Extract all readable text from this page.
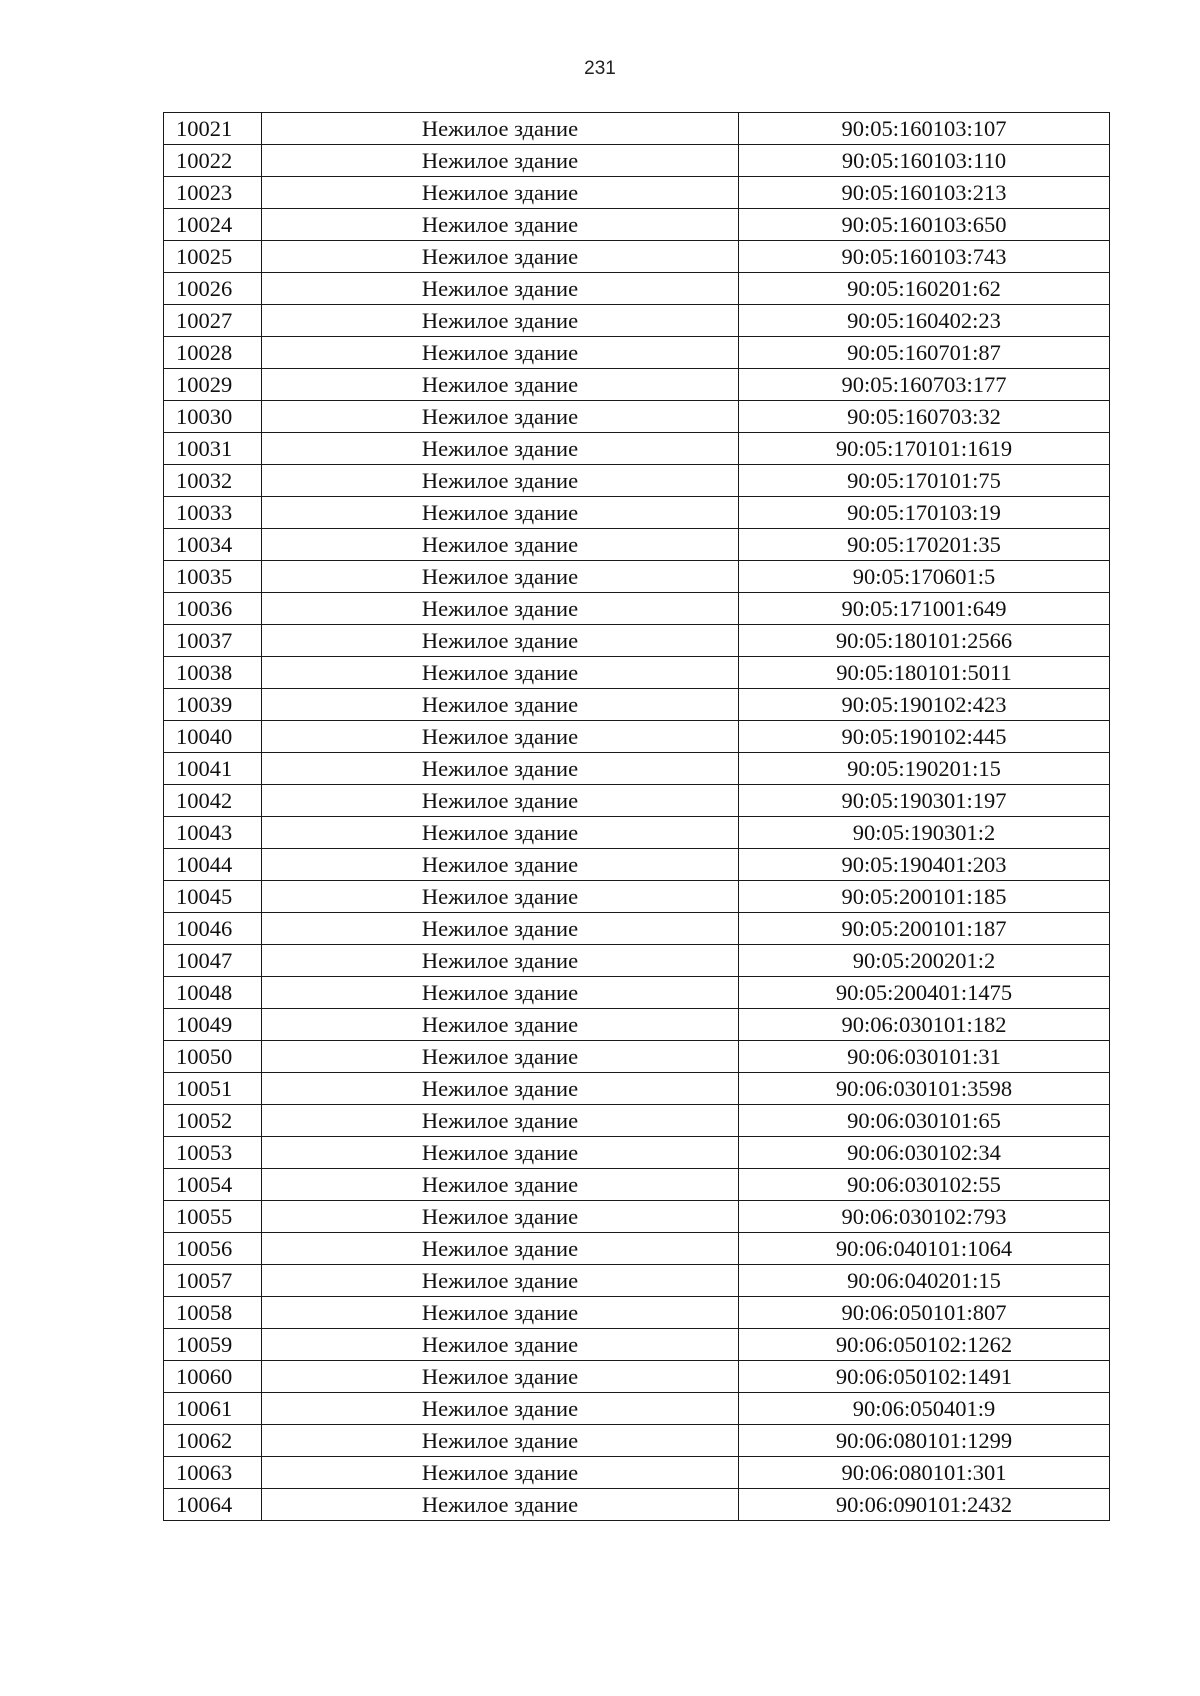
231
10021	Нежилое здание	90:05:160103:107
10022	Нежилое здание	90:05:160103:110
10023	Нежилое здание	90:05:160103:213
10024	Нежилое здание	90:05:160103:650
10025	Нежилое здание	90:05:160103:743
10026	Нежилое здание	90:05:160201:62
10027	Нежилое здание	90:05:160402:23
10028	Нежилое здание	90:05:160701:87
10029	Нежилое здание	90:05:160703:177
10030	Нежилое здание	90:05:160703:32
10031	Нежилое здание	90:05:170101:1619
10032	Нежилое здание	90:05:170101:75
10033	Нежилое здание	90:05:170103:19
10034	Нежилое здание	90:05:170201:35
10035	Нежилое здание	90:05:170601:5
10036	Нежилое здание	90:05:171001:649
10037	Нежилое здание	90:05:180101:2566
10038	Нежилое здание	90:05:180101:5011
10039	Нежилое здание	90:05:190102:423
10040	Нежилое здание	90:05:190102:445
10041	Нежилое здание	90:05:190201:15
10042	Нежилое здание	90:05:190301:197
10043	Нежилое здание	90:05:190301:2
10044	Нежилое здание	90:05:190401:203
10045	Нежилое здание	90:05:200101:185
10046	Нежилое здание	90:05:200101:187
10047	Нежилое здание	90:05:200201:2
10048	Нежилое здание	90:05:200401:1475
10049	Нежилое здание	90:06:030101:182
10050	Нежилое здание	90:06:030101:31
10051	Нежилое здание	90:06:030101:3598
10052	Нежилое здание	90:06:030101:65
10053	Нежилое здание	90:06:030102:34
10054	Нежилое здание	90:06:030102:55
10055	Нежилое здание	90:06:030102:793
10056	Нежилое здание	90:06:040101:1064
10057	Нежилое здание	90:06:040201:15
10058	Нежилое здание	90:06:050101:807
10059	Нежилое здание	90:06:050102:1262
10060	Нежилое здание	90:06:050102:1491
10061	Нежилое здание	90:06:050401:9
10062	Нежилое здание	90:06:080101:1299
10063	Нежилое здание	90:06:080101:301
10064	Нежилое здание	90:06:090101:2432
